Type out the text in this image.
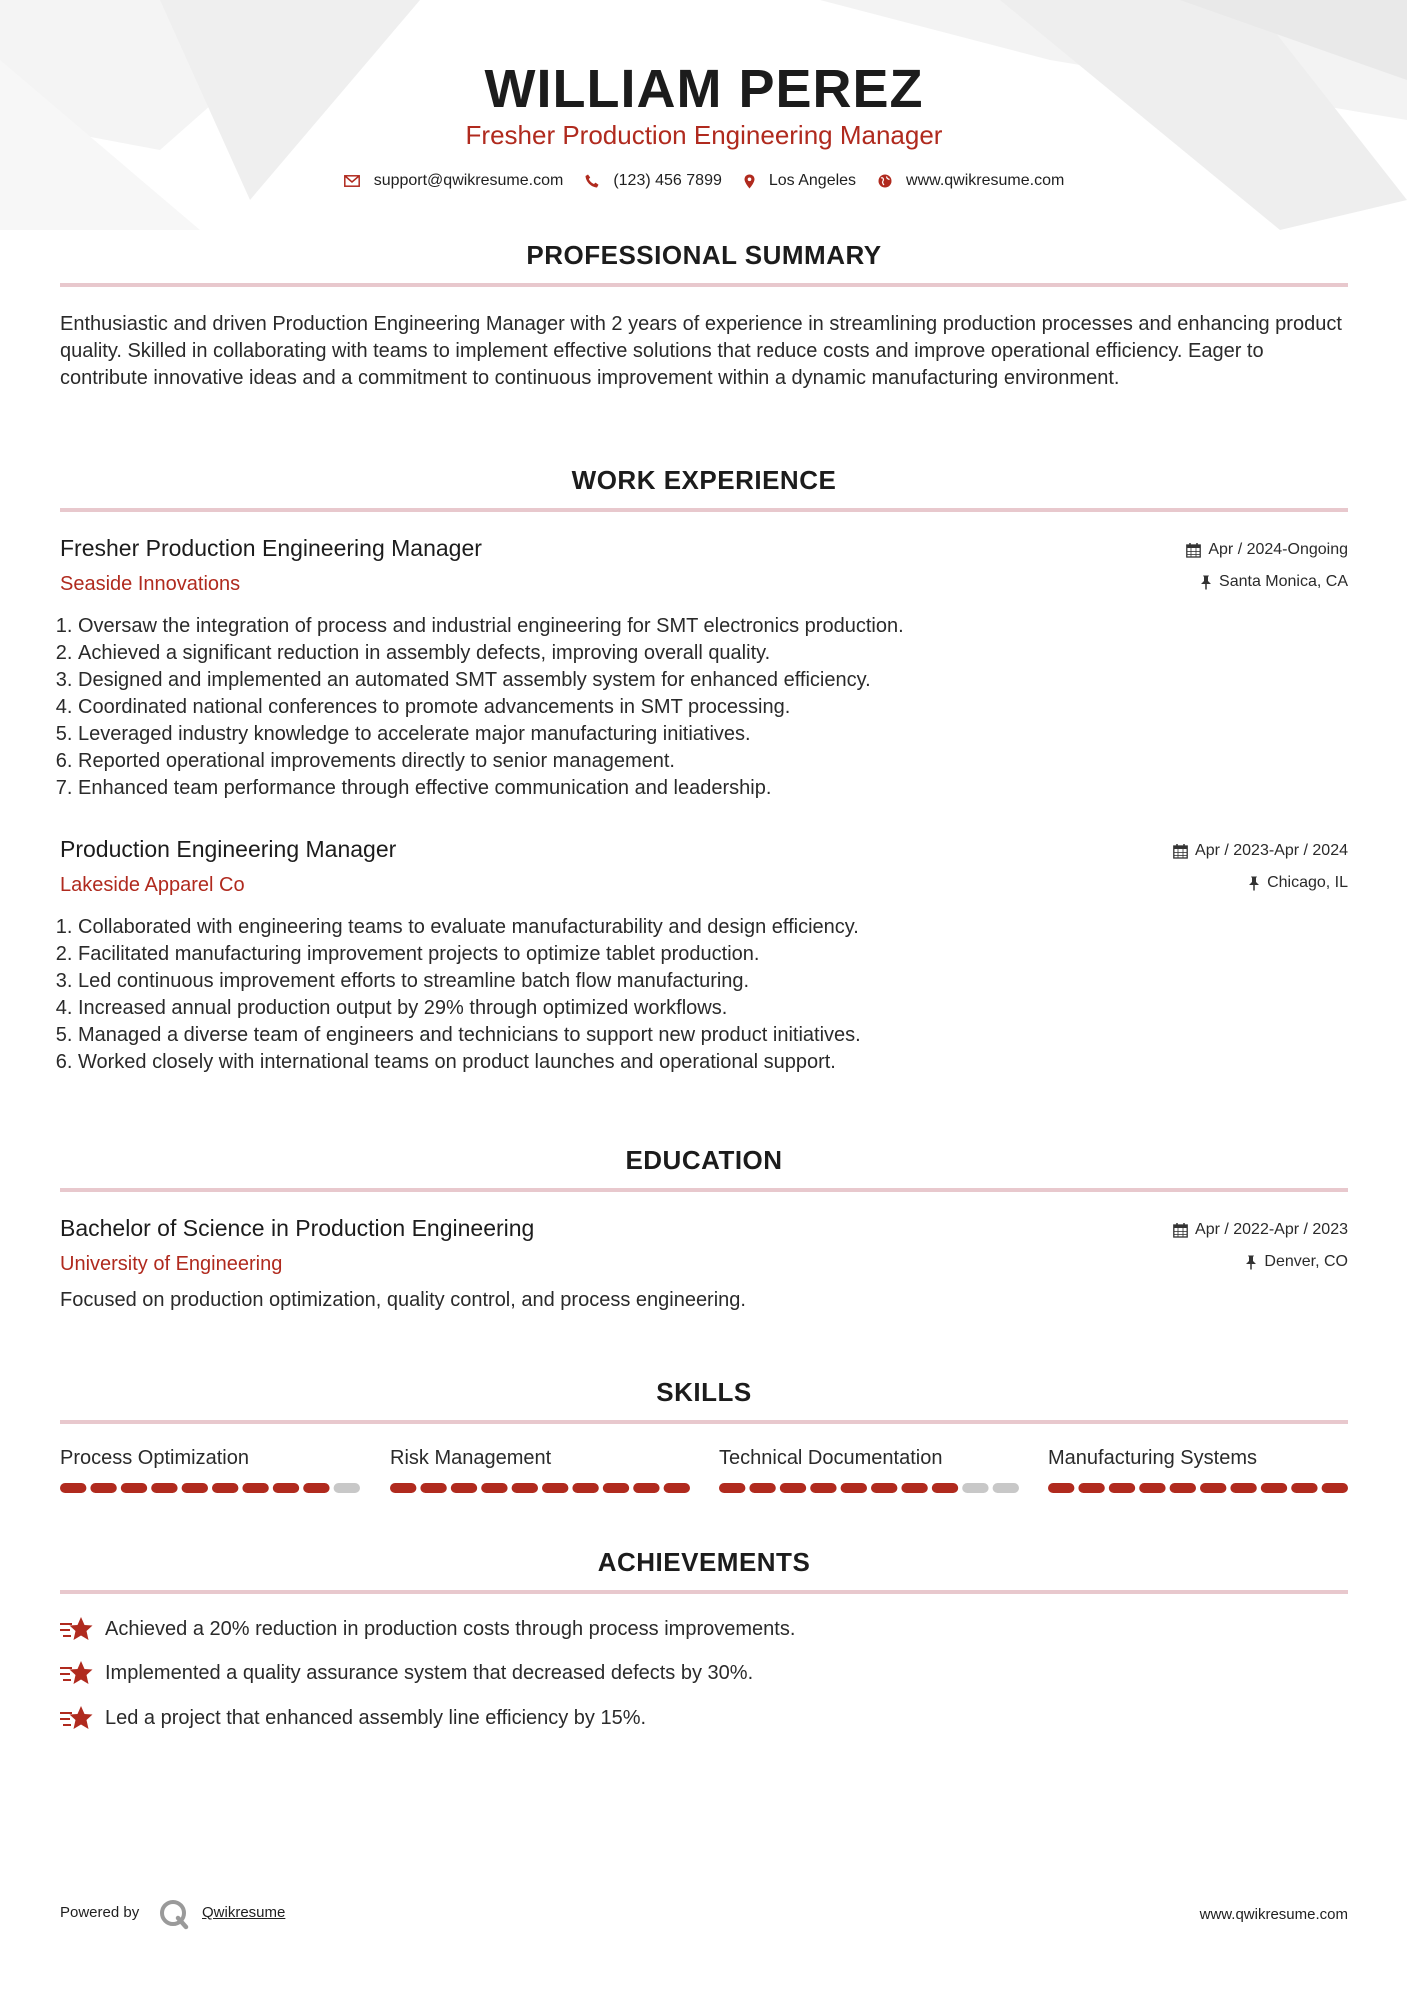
WILLIAM PEREZ
Fresher Production Engineering Manager
support@qwikresume.com	(123) 456 7899	Los Angeles	www.qwikresume.com
PROFESSIONAL SUMMARY
Enthusiastic and driven Production Engineering Manager with 2 years of experience in streamlining production processes and enhancing product quality. Skilled in collaborating with teams to implement effective solutions that reduce costs and improve operational efficiency. Eager to contribute innovative ideas and a commitment to continuous improvement within a dynamic manufacturing environment.
WORK EXPERIENCE
Fresher Production Engineering Manager
Seaside Innovations
Apr / 2024-Ongoing
Santa Monica, CA
1. Oversaw the integration of process and industrial engineering for SMT electronics production.
2. Achieved a significant reduction in assembly defects, improving overall quality.
3. Designed and implemented an automated SMT assembly system for enhanced efficiency.
4. Coordinated national conferences to promote advancements in SMT processing.
5. Leveraged industry knowledge to accelerate major manufacturing initiatives.
6. Reported operational improvements directly to senior management.
7. Enhanced team performance through effective communication and leadership.
Production Engineering Manager
Lakeside Apparel Co
Apr / 2023-Apr / 2024
Chicago, IL
1. Collaborated with engineering teams to evaluate manufacturability and design efficiency.
2. Facilitated manufacturing improvement projects to optimize tablet production.
3. Led continuous improvement efforts to streamline batch flow manufacturing.
4. Increased annual production output by 29% through optimized workflows.
5. Managed a diverse team of engineers and technicians to support new product initiatives.
6. Worked closely with international teams on product launches and operational support.
EDUCATION
Bachelor of Science in Production Engineering
University of Engineering
Apr / 2022-Apr / 2023
Denver, CO
Focused on production optimization, quality control, and process engineering.
SKILLS
Process Optimization	Risk Management	Technical Documentation	Manufacturing Systems
ACHIEVEMENTS
Achieved a 20% reduction in production costs through process improvements.
Implemented a quality assurance system that decreased defects by 30%.
Led a project that enhanced assembly line efficiency by 15%.
Powered by	Qwikresume	www.qwikresume.com
